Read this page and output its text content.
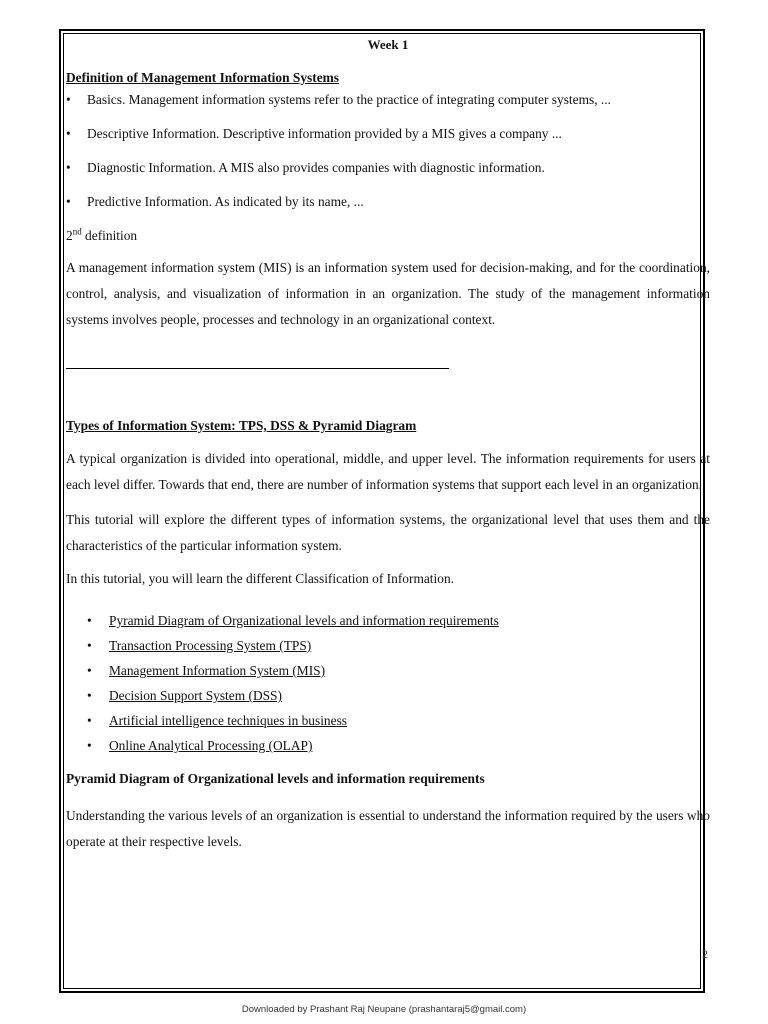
Week 1

Definition of Management Information Systems

• Basics. Management information systems refer to the practice of integrating computer systems, ...
• Descriptive Information. Descriptive information provided by a MIS gives a company ...
• Diagnostic Information. A MIS also provides companies with diagnostic information.
• Predictive Information. As indicated by its name, ...

2nd definition

A management information system (MIS) is an information system used for decision-making, and for the coordination, control, analysis, and visualization of information in an organization. The study of the management information systems involves people, processes and technology in an organizational context.

Types of Information System: TPS, DSS & Pyramid Diagram

A typical organization is divided into operational, middle, and upper level. The information requirements for users at each level differ. Towards that end, there are number of information systems that support each level in an organization.

This tutorial will explore the different types of information systems, the organizational level that uses them and the characteristics of the particular information system.

In this tutorial, you will learn the different Classification of Information.

• Pyramid Diagram of Organizational levels and information requirements
• Transaction Processing System (TPS)
• Management Information System (MIS)
• Decision Support System (DSS)
• Artificial intelligence techniques in business
• Online Analytical Processing (OLAP)

Pyramid Diagram of Organizational levels and information requirements

Understanding the various levels of an organization is essential to understand the information required by the users who operate at their respective levels.

2
Downloaded by Prashant Raj Neupane (prashantaraj5@gmail.com)
